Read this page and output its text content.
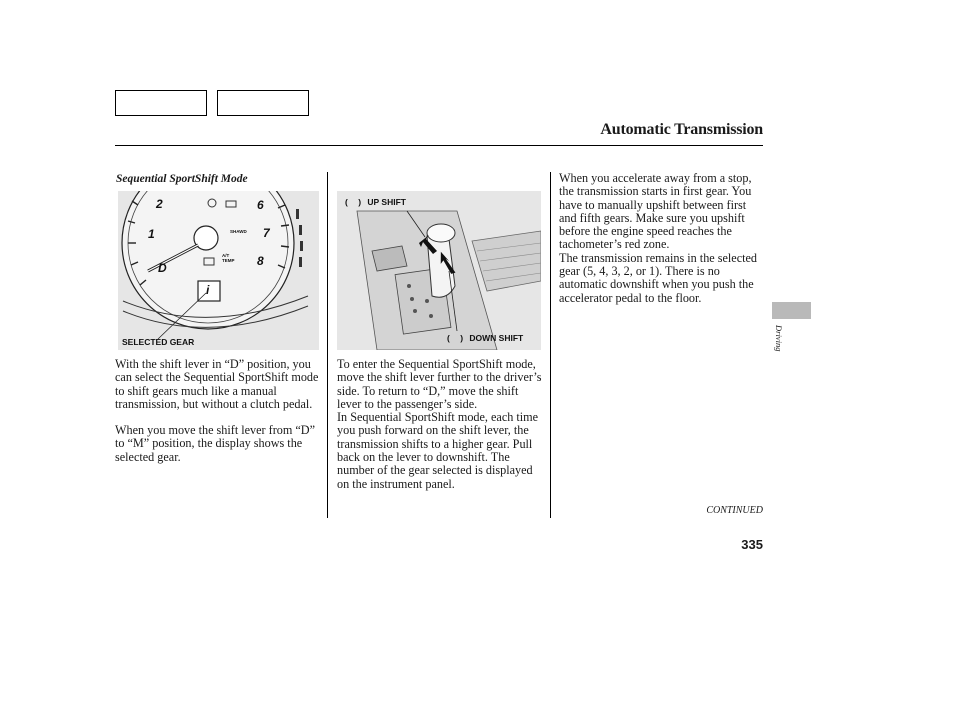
Automatic Transmission
Sequential SportShift Mode
2
1
D
6
7
8
SHAWD
A/T TEMP
i
SELECTED GEAR
( ) UP SHIFT
( ) DOWN SHIFT

With the shift lever in “D” position, you can select the Sequential SportShift mode to shift gears much like a manual transmission, but without a clutch pedal.

When you move the shift lever from “D” to “M” position, the display shows the selected gear.

To enter the Sequential SportShift mode, move the shift lever further to the driver’s side. To return to “D,” move the shift lever to the passenger’s side.

In Sequential SportShift mode, each time you push forward on the shift lever, the transmission shifts to a higher gear. Pull back on the lever to downshift. The number of the gear selected is displayed on the instrument panel.

When you accelerate away from a stop, the transmission starts in first gear. You have to manually upshift between first and fifth gears. Make sure you upshift before the engine speed reaches the tachometer’s red zone.

The transmission remains in the selected gear (5, 4, 3, 2, or 1). There is no automatic downshift when you push the accelerator pedal to the floor.

CONTINUED
335
Driving
